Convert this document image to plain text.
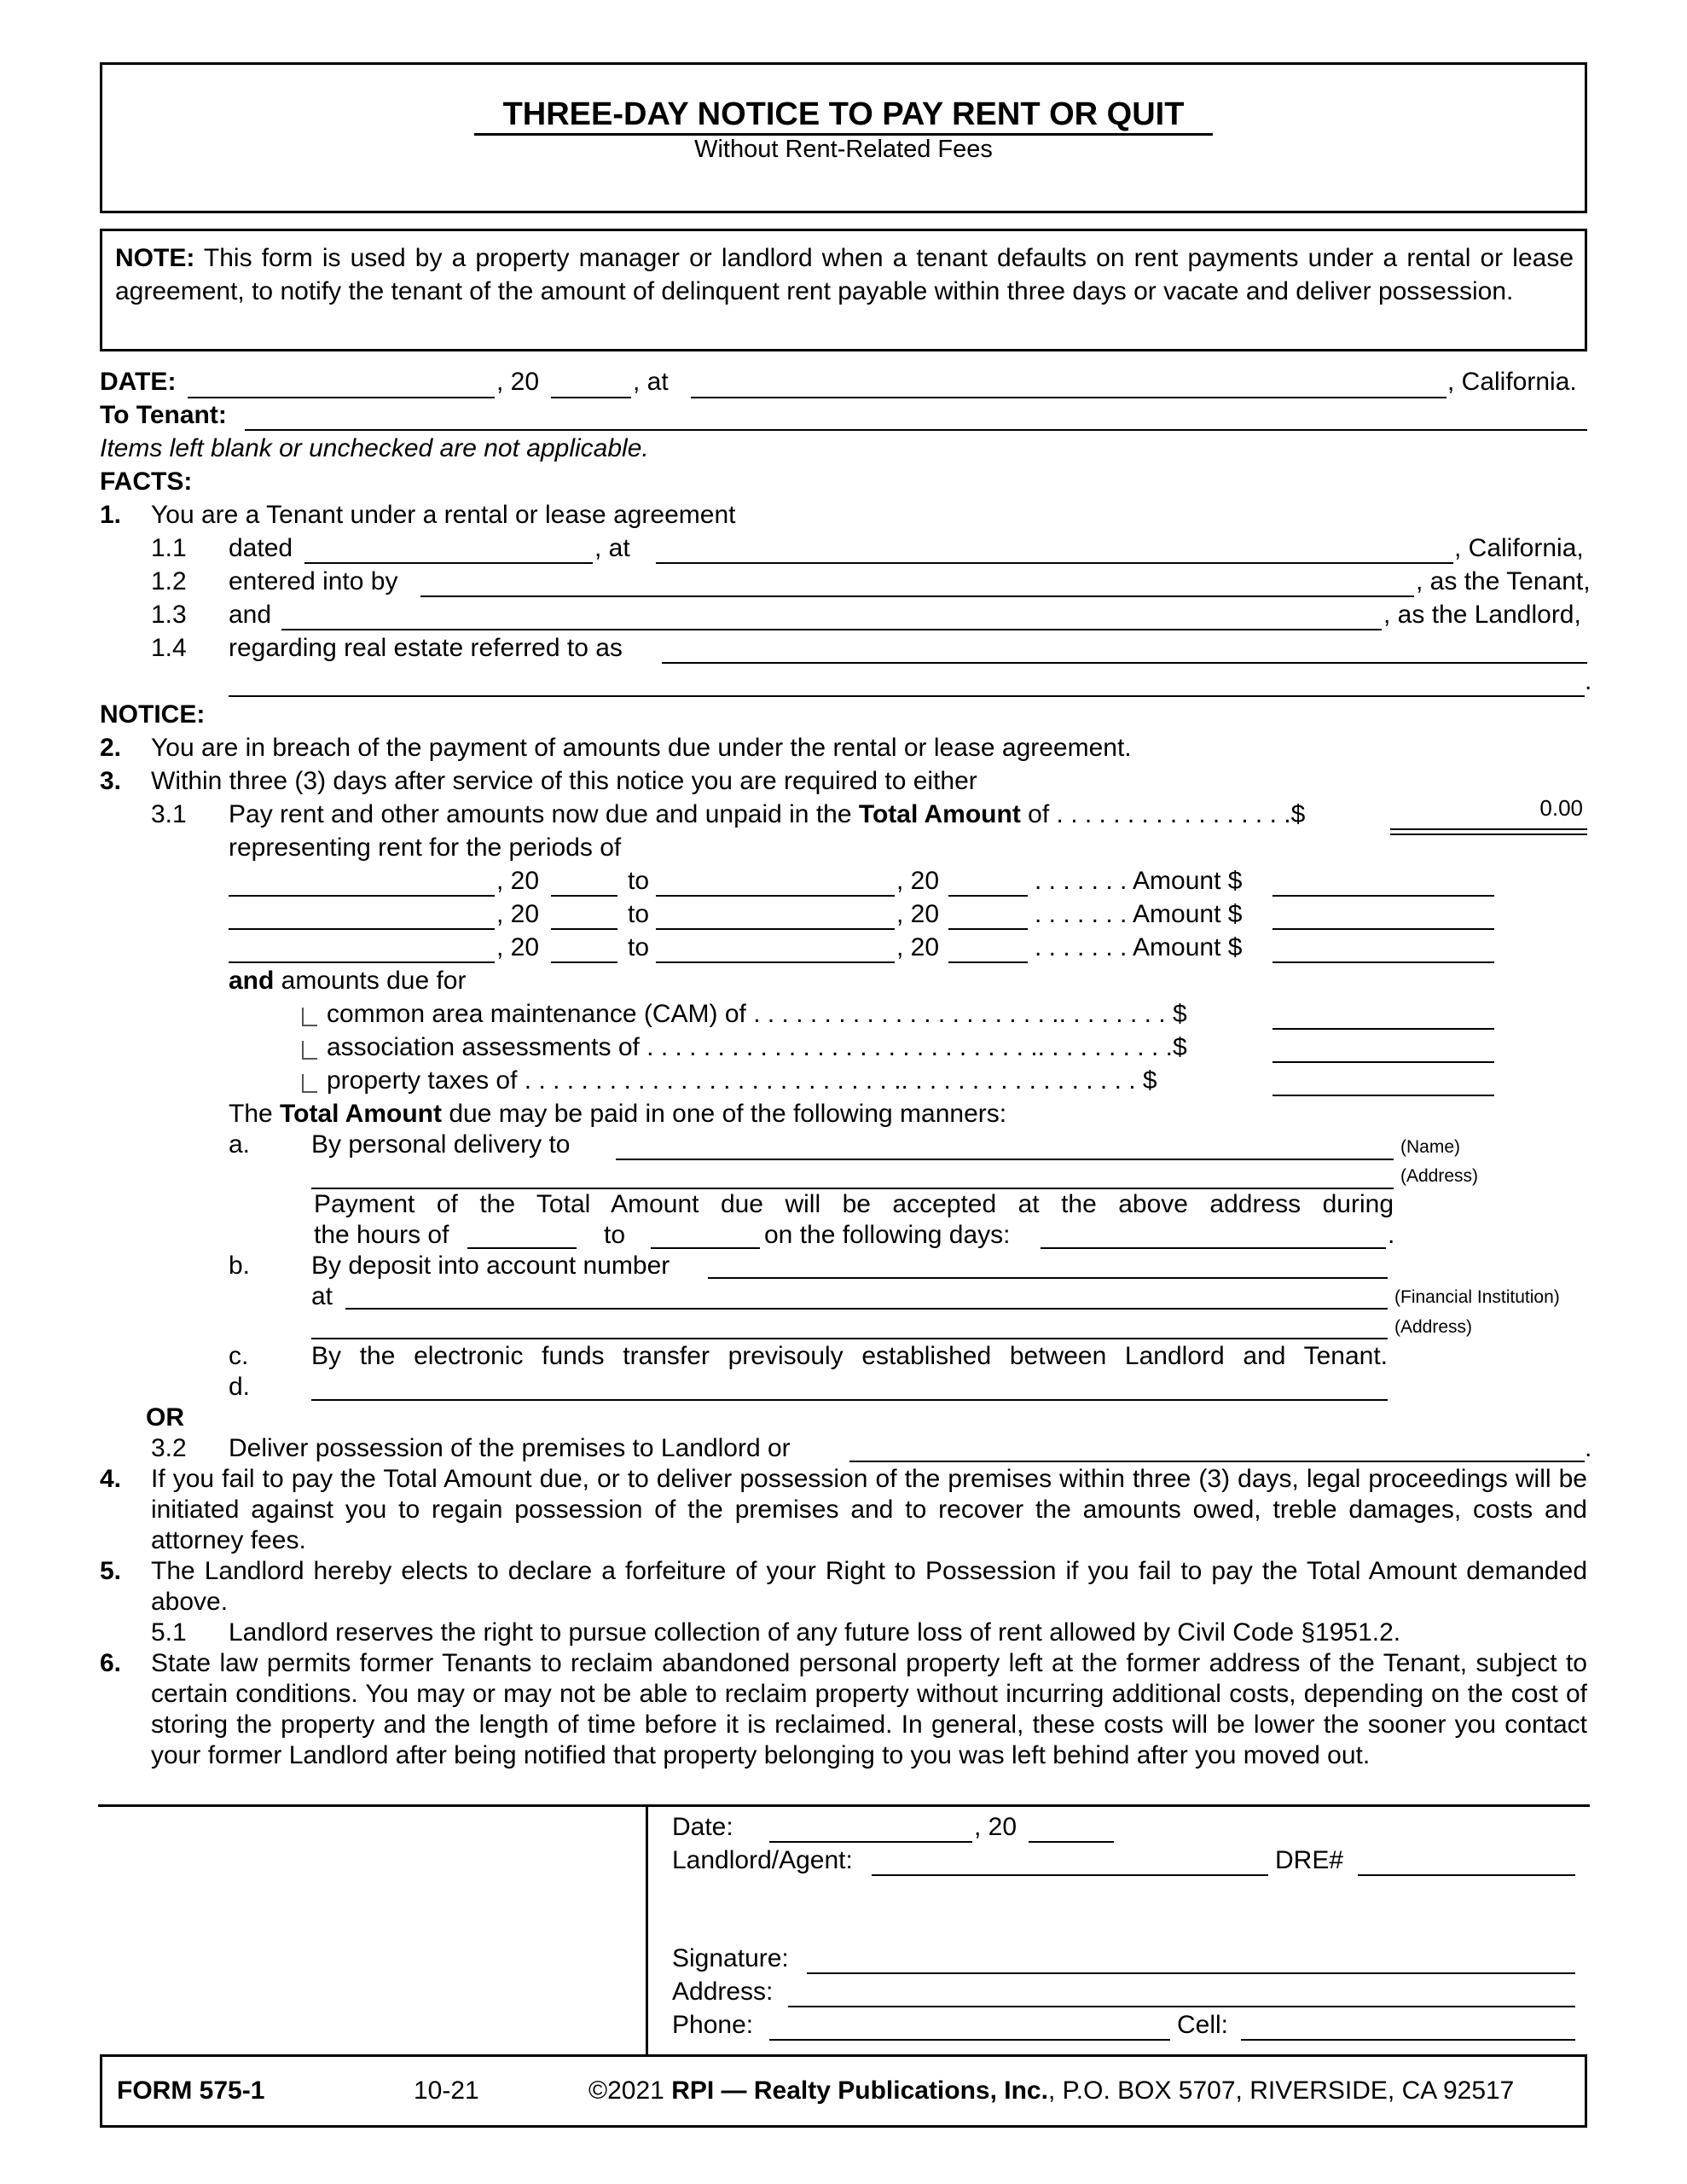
THREE-DAY NOTICE TO PAY RENT OR QUIT
Without Rent-Related Fees
NOTE: This form is used by a property manager or landlord when a tenant defaults on rent payments under a rental or lease agreement, to notify the tenant of the amount of delinquent rent payable within three days or vacate and deliver possession.
DATE:	, 20	, at	, California.
To Tenant:
Items left blank or unchecked are not applicable.
FACTS:
1. You are a Tenant under a rental or lease agreement
1.1 dated	, at	, California,
1.2 entered into by	, as the Tenant,
1.3 and	, as the Landlord,
1.4 regarding real estate referred to as
.
NOTICE:
2. You are in breach of the payment of amounts due under the rental or lease agreement.
3. Within three (3) days after service of this notice you are required to either
3.1 Pay rent and other amounts now due and unpaid in the Total Amount of . . . . . . . . . . . . . . . . .$	0.00
representing rent for the periods of
, 20	to	, 20	. . . . . . . Amount $
, 20	to	, 20	. . . . . . . Amount $
, 20	to	, 20	. . . . . . . Amount $
and amounts due for
common area maintenance (CAM) of . . . . . . . . . . . . . . . . . . . . . .. . . . . . . . $
association assessments of . . . . . . . . . . . . . . . . . . . . . . . . . . . .. . . . . . . . . .$
property taxes of . . . . . . . . . . . . . . . . . . . . . . . . . . .. . . . . . . . . . . . . . . . . $
The Total Amount due may be paid in one of the following manners:
a. By personal delivery to	(Name)
(Address)
Payment of the Total Amount due will be accepted at the above address during
the hours of	to	on the following days:	.
b. By deposit into account number
at	(Financial Institution)
(Address)
c. By the electronic funds transfer previsouly established between Landlord and Tenant.
d.
OR
3.2 Deliver possession of the premises to Landlord or	.
4. If you fail to pay the Total Amount due, or to deliver possession of the premises within three (3) days, legal proceedings will be initiated against you to regain possession of the premises and to recover the amounts owed, treble damages, costs and attorney fees.
5. The Landlord hereby elects to declare a forfeiture of your Right to Possession if you fail to pay the Total Amount demanded above.
5.1 Landlord reserves the right to pursue collection of any future loss of rent allowed by Civil Code §1951.2.
6. State law permits former Tenants to reclaim abandoned personal property left at the former address of the Tenant, subject to certain conditions. You may or may not be able to reclaim property without incurring additional costs, depending on the cost of storing the property and the length of time before it is reclaimed. In general, these costs will be lower the sooner you contact your former Landlord after being notified that property belonging to you was left behind after you moved out.
Date:	, 20
Landlord/Agent:	DRE#
Signature:
Address:
Phone:	Cell:
FORM 575-1	10-21	©2021 RPI — Realty Publications, Inc., P.O. BOX 5707, RIVERSIDE, CA 92517
